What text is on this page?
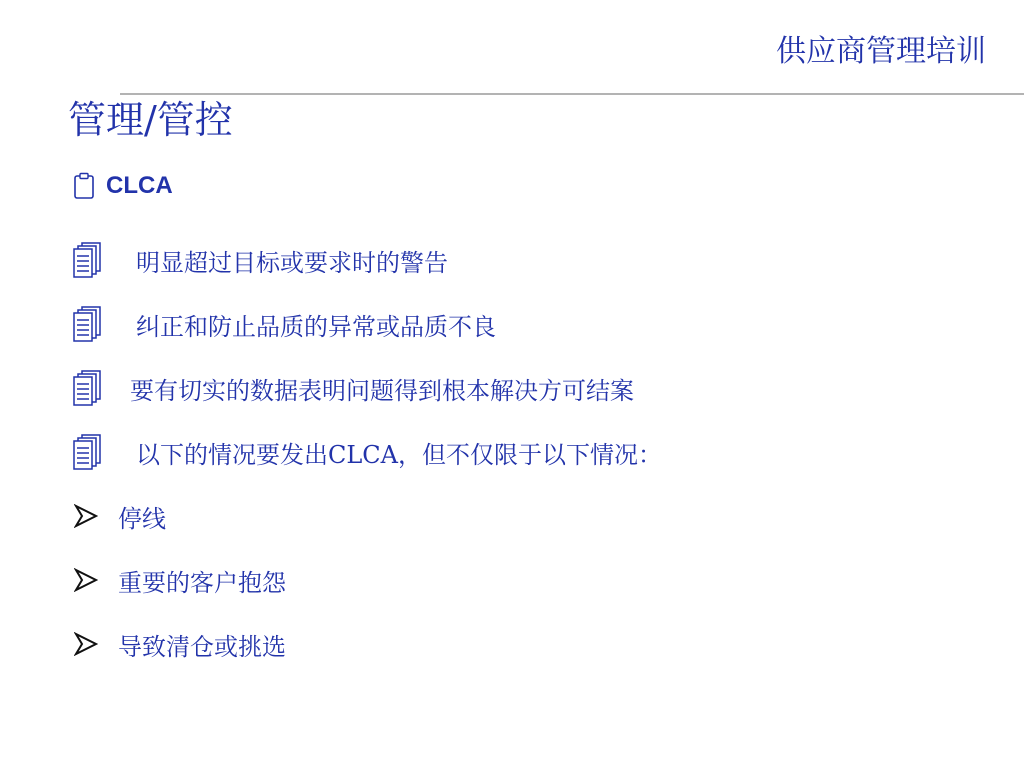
供应商管理培训
管理/管控
CLCA
明显超过目标或要求时的警告
纠正和防止品质的异常或品质不良
要有切实的数据表明问题得到根本解决方可结案
以下的情况要发出CLCA，但不仅限于以下情况：
停线
重要的客户抱怨
导致清仓或挑选
